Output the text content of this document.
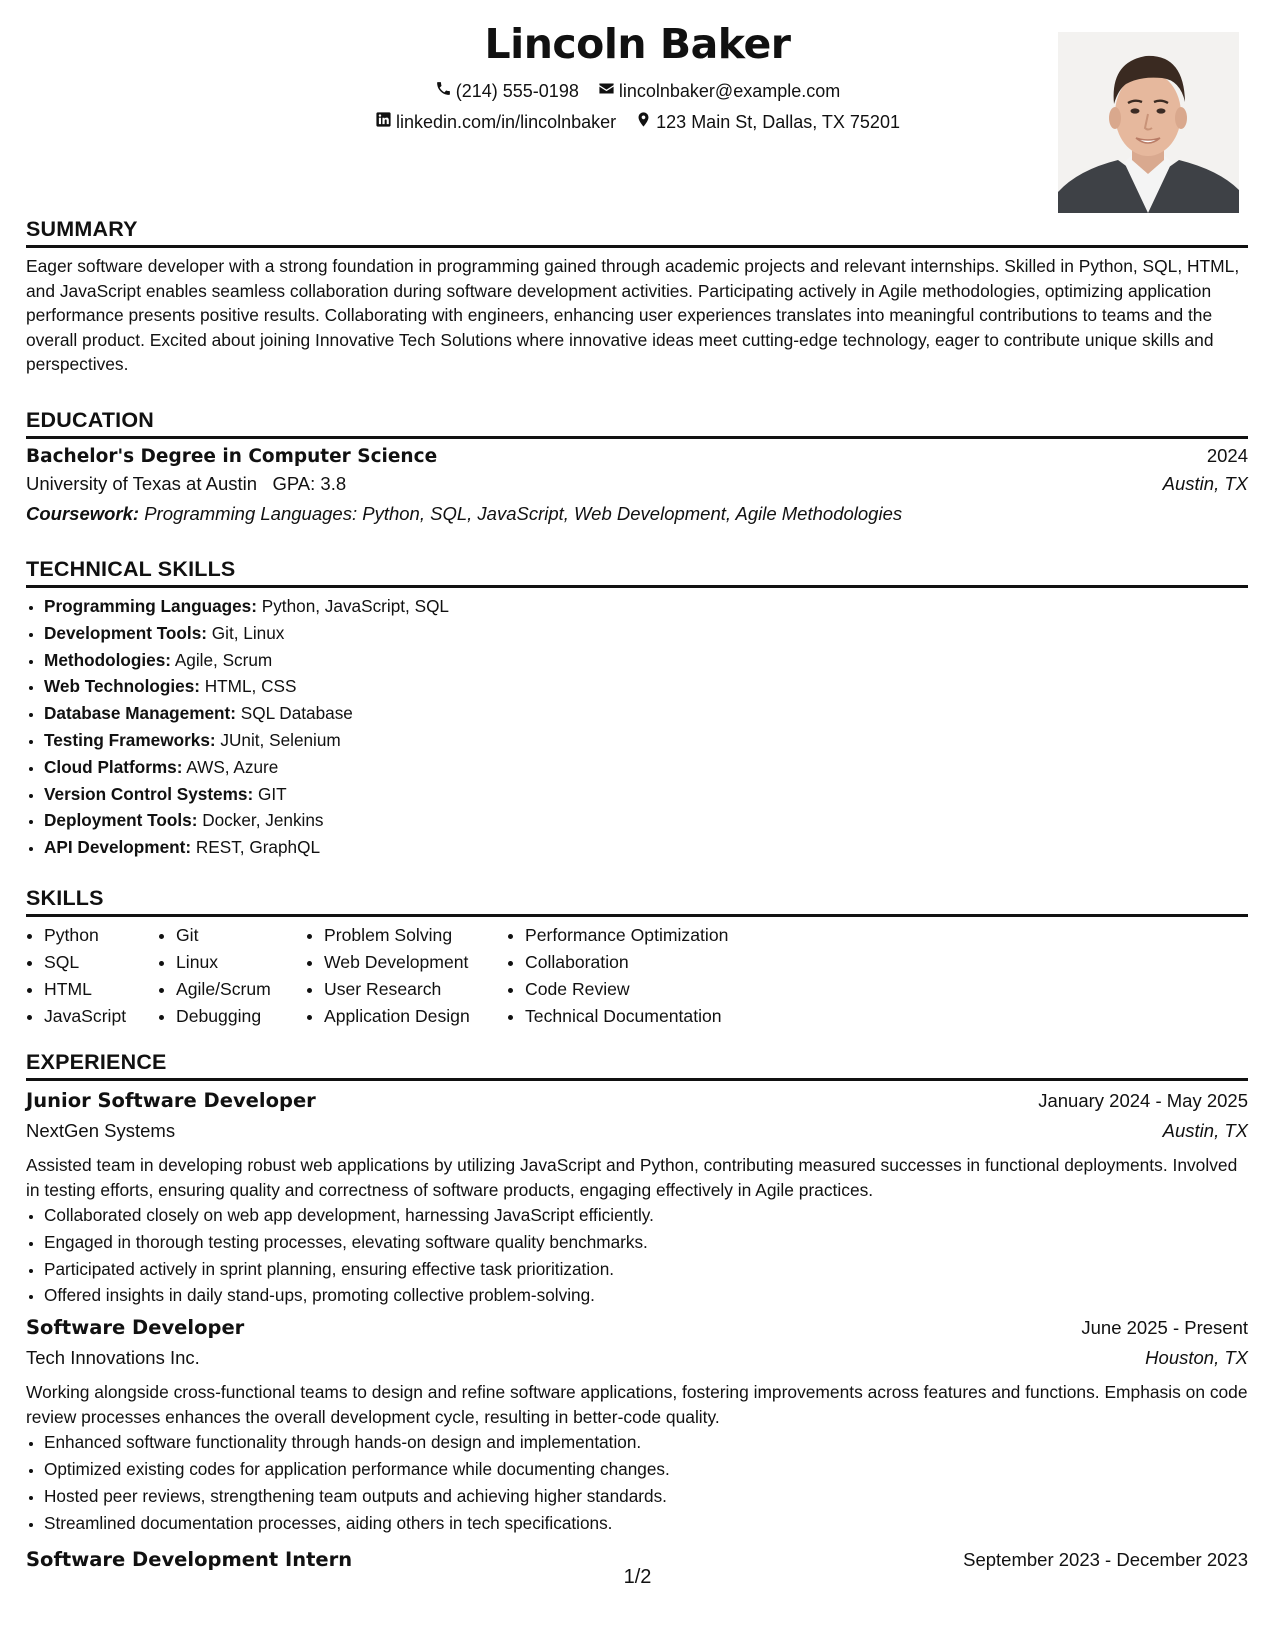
Lincoln Baker
(214) 555-0198
lincolnbaker@example.com
linkedin.com/in/lincolnbaker
123 Main St, Dallas, TX 75201
SUMMARY
Eager software developer with a strong foundation in programming gained through academic projects and relevant internships. Skilled in Python, SQL, HTML, and JavaScript enables seamless collaboration during software development activities. Participating actively in Agile methodologies, optimizing application performance presents positive results. Collaborating with engineers, enhancing user experiences translates into meaningful contributions to teams and the overall product. Excited about joining Innovative Tech Solutions where innovative ideas meet cutting-edge technology, eager to contribute unique skills and perspectives.
EDUCATION
Bachelor's Degree in Computer Science	2024
University of Texas at Austin GPA: 3.8	Austin, TX
Coursework: Programming Languages: Python, SQL, JavaScript, Web Development, Agile Methodologies
TECHNICAL SKILLS
• Programming Languages: Python, JavaScript, SQL
• Development Tools: Git, Linux
• Methodologies: Agile, Scrum
• Web Technologies: HTML, CSS
• Database Management: SQL Database
• Testing Frameworks: JUnit, Selenium
• Cloud Platforms: AWS, Azure
• Version Control Systems: GIT
• Deployment Tools: Docker, Jenkins
• API Development: REST, GraphQL
SKILLS
• Python
• SQL
• HTML
• JavaScript
• Git
• Linux
• Agile/Scrum
• Debugging
• Problem Solving
• Web Development
• User Research
• Application Design
• Performance Optimization
• Collaboration
• Code Review
• Technical Documentation
EXPERIENCE
Junior Software Developer	January 2024 - May 2025
NextGen Systems	Austin, TX
Assisted team in developing robust web applications by utilizing JavaScript and Python, contributing measured successes in functional deployments. Involved in testing efforts, ensuring quality and correctness of software products, engaging effectively in Agile practices.
• Collaborated closely on web app development, harnessing JavaScript efficiently.
• Engaged in thorough testing processes, elevating software quality benchmarks.
• Participated actively in sprint planning, ensuring effective task prioritization.
• Offered insights in daily stand-ups, promoting collective problem-solving.
Software Developer	June 2025 - Present
Tech Innovations Inc.	Houston, TX
Working alongside cross-functional teams to design and refine software applications, fostering improvements across features and functions. Emphasis on code review processes enhances the overall development cycle, resulting in better-code quality.
• Enhanced software functionality through hands-on design and implementation.
• Optimized existing codes for application performance while documenting changes.
• Hosted peer reviews, strengthening team outputs and achieving higher standards.
• Streamlined documentation processes, aiding others in tech specifications.
Software Development Intern	September 2023 - December 2023
1/2
